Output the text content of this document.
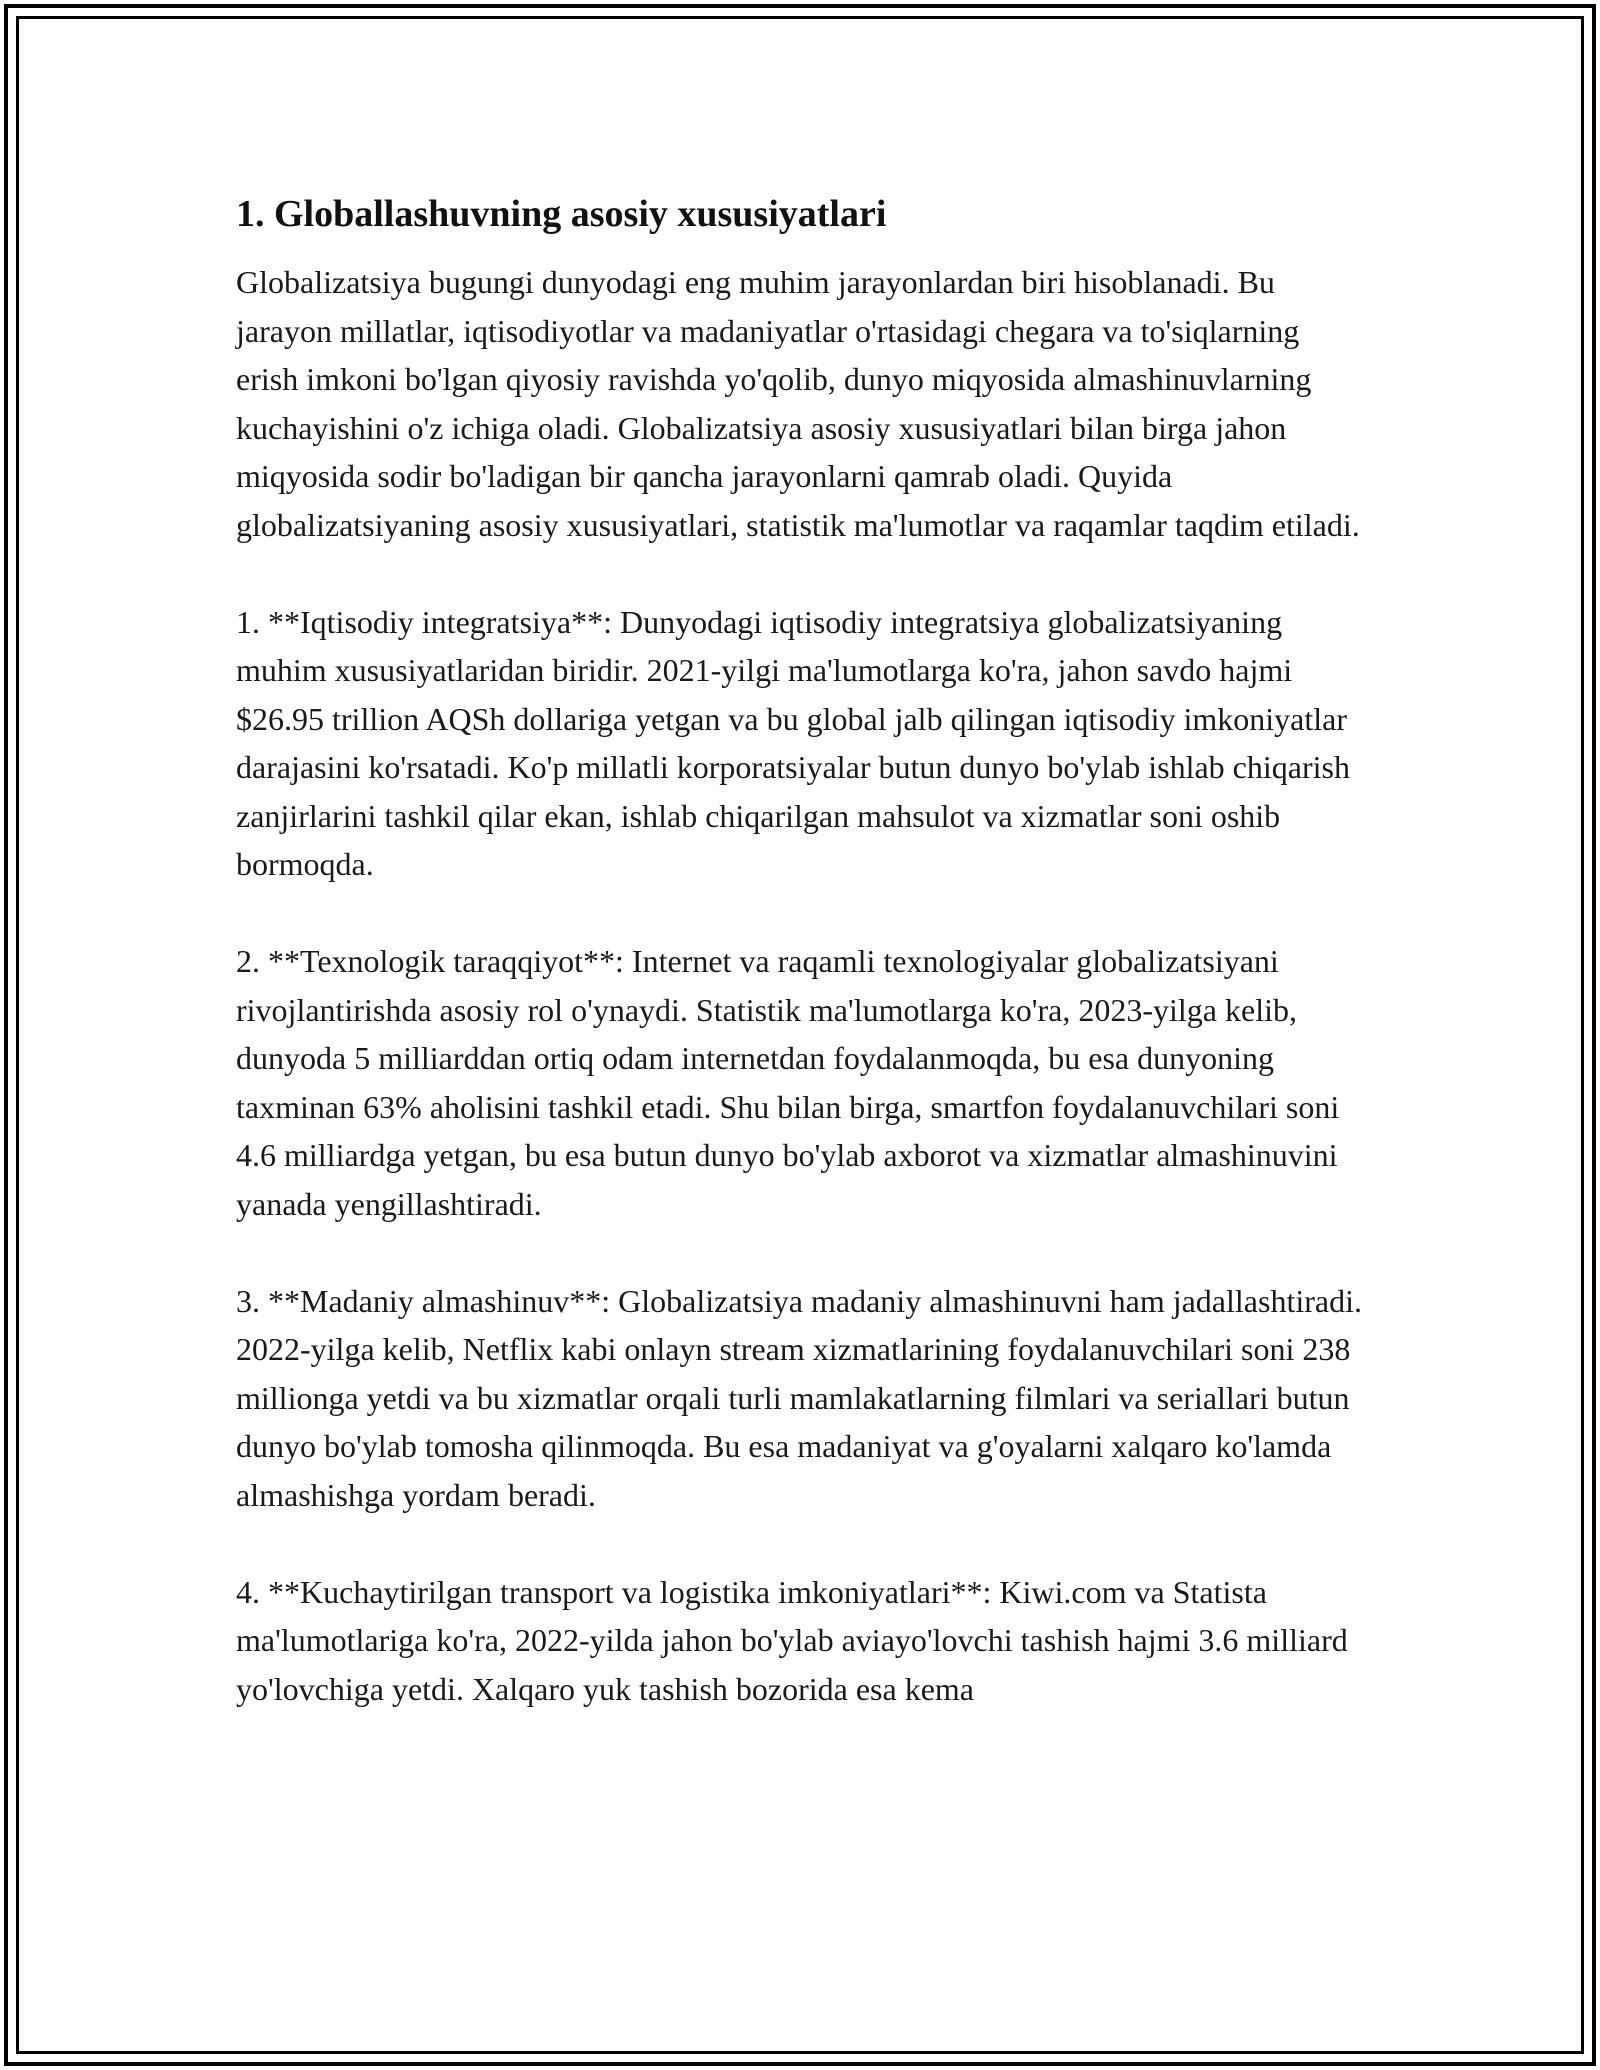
1. Globallashuvning asosiy xususiyatlari

Globalizatsiya bugungi dunyodagi eng muhim jarayonlardan biri hisoblanadi. Bu jarayon millatlar, iqtisodiyotlar va madaniyatlar o'rtasidagi chegara va to'siqlarning erish imkoni bo'lgan qiyosiy ravishda yo'qolib, dunyo miqyosida almashinuvlarning kuchayishini o'z ichiga oladi. Globalizatsiya asosiy xususiyatlari bilan birga jahon miqyosida sodir bo'ladigan bir qancha jarayonlarni qamrab oladi. Quyida globalizatsiyaning asosiy xususiyatlari, statistik ma'lumotlar va raqamlar taqdim etiladi.

1. **Iqtisodiy integratsiya**: Dunyodagi iqtisodiy integratsiya globalizatsiyaning muhim xususiyatlaridan biridir. 2021-yilgi ma'lumotlarga ko'ra, jahon savdo hajmi $26.95 trillion AQSh dollariga yetgan va bu global jalb qilingan iqtisodiy imkoniyatlar darajasini ko'rsatadi. Ko'p millatli korporatsiyalar butun dunyo bo'ylab ishlab chiqarish zanjirlarini tashkil qilar ekan, ishlab chiqarilgan mahsulot va xizmatlar soni oshib bormoqda.

2. **Texnologik taraqqiyot**: Internet va raqamli texnologiyalar globalizatsiyani rivojlantirishda asosiy rol o'ynaydi. Statistik ma'lumotlarga ko'ra, 2023-yilga kelib, dunyoda 5 milliarddan ortiq odam internetdan foydalanmoqda, bu esa dunyoning taxminan 63% aholisini tashkil etadi. Shu bilan birga, smartfon foydalanuvchilari soni 4.6 milliardga yetgan, bu esa butun dunyo bo'ylab axborot va xizmatlar almashinuvini yanada yengillashtiradi.

3. **Madaniy almashinuv**: Globalizatsiya madaniy almashinuvni ham jadallashtiradi. 2022-yilga kelib, Netflix kabi onlayn stream xizmatlarining foydalanuvchilari soni 238 millionga yetdi va bu xizmatlar orqali turli mamlakatlarning filmlari va seriallari butun dunyo bo'ylab tomosha qilinmoqda. Bu esa madaniyat va g'oyalarni xalqaro ko'lamda almashishga yordam beradi.

4. **Kuchaytirilgan transport va logistika imkoniyatlari**: Kiwi.com va Statista ma'lumotlariga ko'ra, 2022-yilda jahon bo'ylab aviayo'lovchi tashish hajmi 3.6 milliard yo'lovchiga yetdi. Xalqaro yuk tashish bozorida esa kema
